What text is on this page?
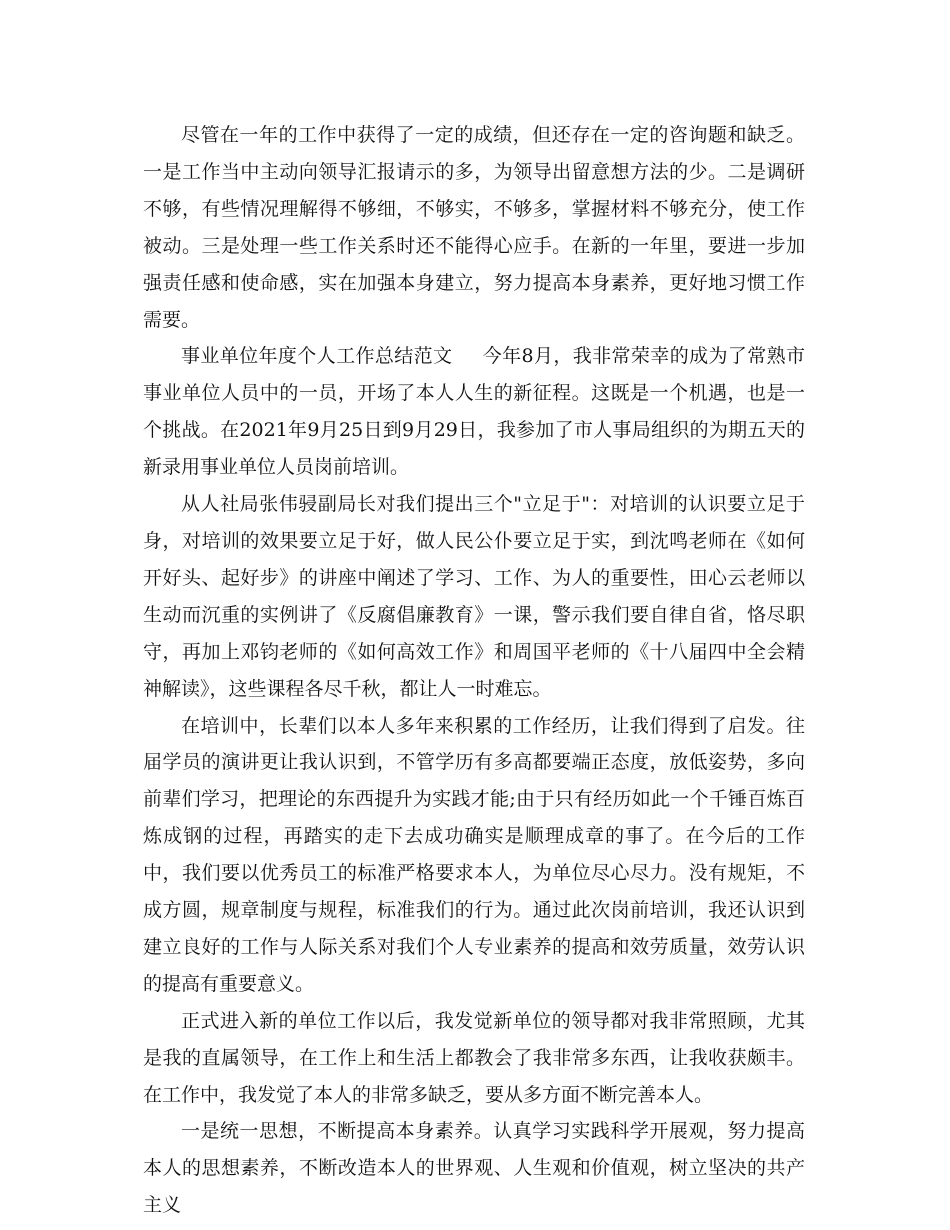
尽管在一年的工作中获得了一定的成绩，但还存在一定的咨询题和缺乏。一是工作当中主动向领导汇报请示的多，为领导出留意想方法的少。二是调研不够，有些情况理解得不够细，不够实，不够多，掌握材料不够充分，使工作被动。三是处理一些工作关系时还不能得心应手。在新的一年里，要进一步加强责任感和使命感，实在加强本身建立，努力提高本身素养，更好地习惯工作需要。

事业单位年度个人工作总结范文 今年8月，我非常荣幸的成为了常熟市事业单位人员中的一员，开场了本人人生的新征程。这既是一个机遇，也是一个挑战。在2021年9月25日到9月29日，我参加了市人事局组织的为期五天的新录用事业单位人员岗前培训。

从人社局张伟骎副局长对我们提出三个"立足于"：对培训的认识要立足于身，对培训的效果要立足于好，做人民公仆要立足于实，到沈鸣老师在《如何开好头、起好步》的讲座中阐述了学习、工作、为人的重要性，田心云老师以生动而沉重的实例讲了《反腐倡廉教育》一课，警示我们要自律自省，恪尽职守，再加上邓钧老师的《如何高效工作》和周国平老师的《十八届四中全会精神解读》，这些课程各尽千秋，都让人一时难忘。

在培训中，长辈们以本人多年来积累的工作经历，让我们得到了启发。往届学员的演讲更让我认识到，不管学历有多高都要端正态度，放低姿势，多向前辈们学习，把理论的东西提升为实践才能;由于只有经历如此一个千锤百炼百炼成钢的过程，再踏实的走下去成功确实是顺理成章的事了。在今后的工作中，我们要以优秀员工的标准严格要求本人，为单位尽心尽力。没有规矩，不成方圆，规章制度与规程，标准我们的行为。通过此次岗前培训，我还认识到建立良好的工作与人际关系对我们个人专业素养的提高和效劳质量，效劳认识的提高有重要意义。

正式进入新的单位工作以后，我发觉新单位的领导都对我非常照顾，尤其是我的直属领导，在工作上和生活上都教会了我非常多东西，让我收获颇丰。在工作中，我发觉了本人的非常多缺乏，要从多方面不断完善本人。

一是统一思想，不断提高本身素养。认真学习实践科学开展观，努力提高本人的思想素养，不断改造本人的世界观、人生观和价值观，树立坚决的共产主义
